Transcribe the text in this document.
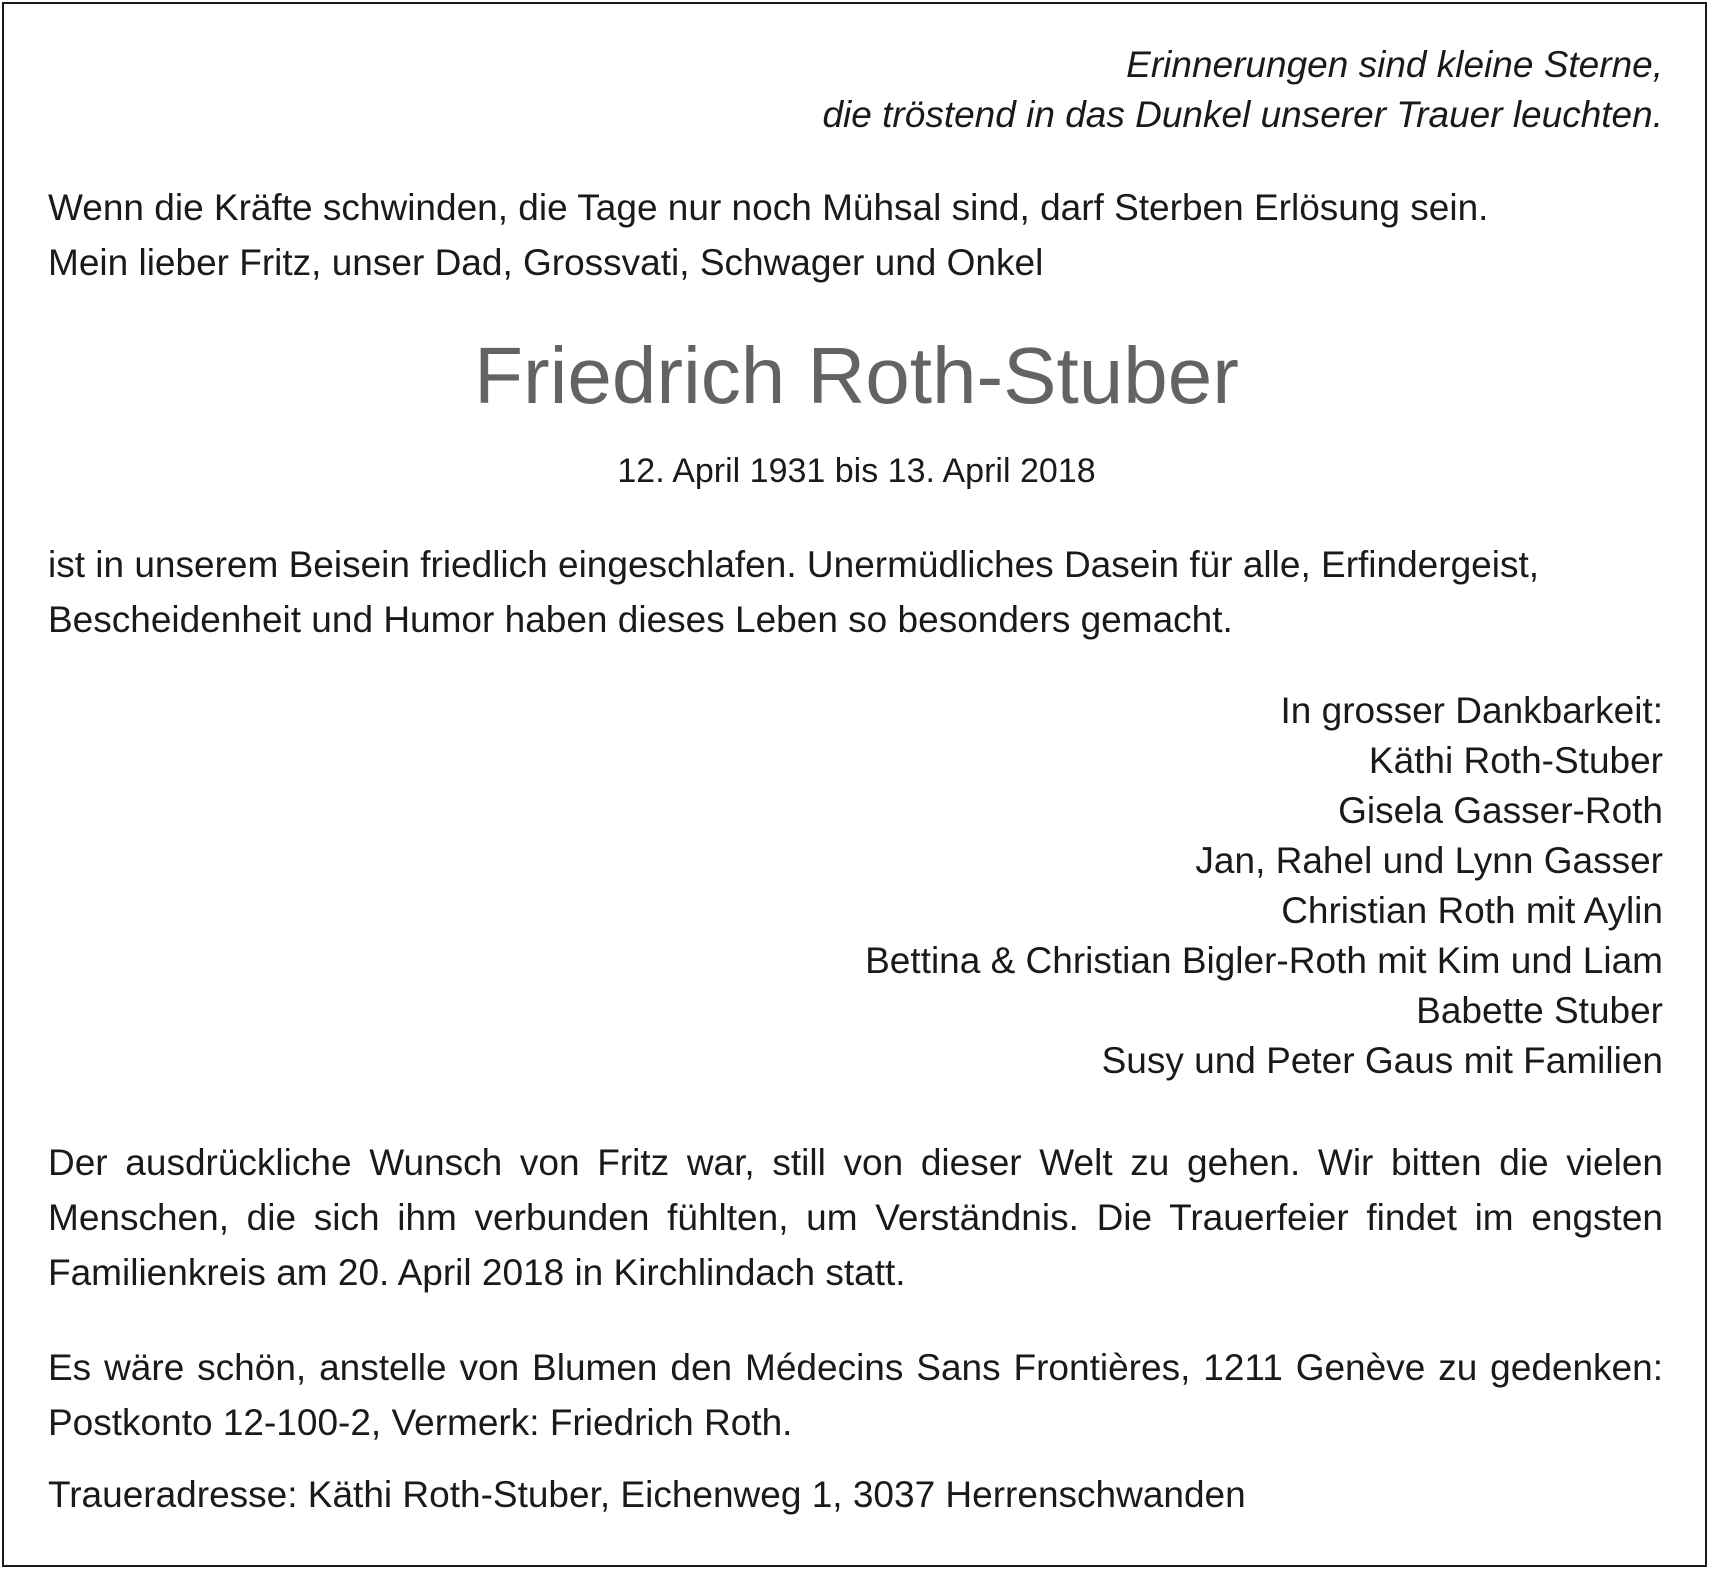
Erinnerungen sind kleine Sterne,
die tröstend in das Dunkel unserer Trauer leuchten.
Wenn die Kräfte schwinden, die Tage nur noch Mühsal sind, darf Sterben Erlösung sein.
Mein lieber Fritz, unser Dad, Grossvati, Schwager und Onkel
Friedrich Roth-Stuber
12. April 1931 bis 13. April 2018
ist in unserem Beisein friedlich eingeschlafen. Unermüdliches Dasein für alle, Erfindergeist,
Bescheidenheit und Humor haben dieses Leben so besonders gemacht.
In grosser Dankbarkeit:
Käthi Roth-Stuber
Gisela Gasser-Roth
Jan, Rahel und Lynn Gasser
Christian Roth mit Aylin
Bettina & Christian Bigler-Roth mit Kim und Liam
Babette Stuber
Susy und Peter Gaus mit Familien
Der ausdrückliche Wunsch von Fritz war, still von dieser Welt zu gehen. Wir bitten die vielen Menschen, die sich ihm verbunden fühlten, um Verständnis. Die Trauerfeier findet im engsten Familienkreis am 20. April 2018 in Kirchlindach statt.
Es wäre schön, anstelle von Blumen den Médecins Sans Frontières, 1211 Genève zu gedenken: Postkonto 12-100-2, Vermerk: Friedrich Roth.
Traueradresse: Käthi Roth-Stuber, Eichenweg 1, 3037 Herrenschwanden
